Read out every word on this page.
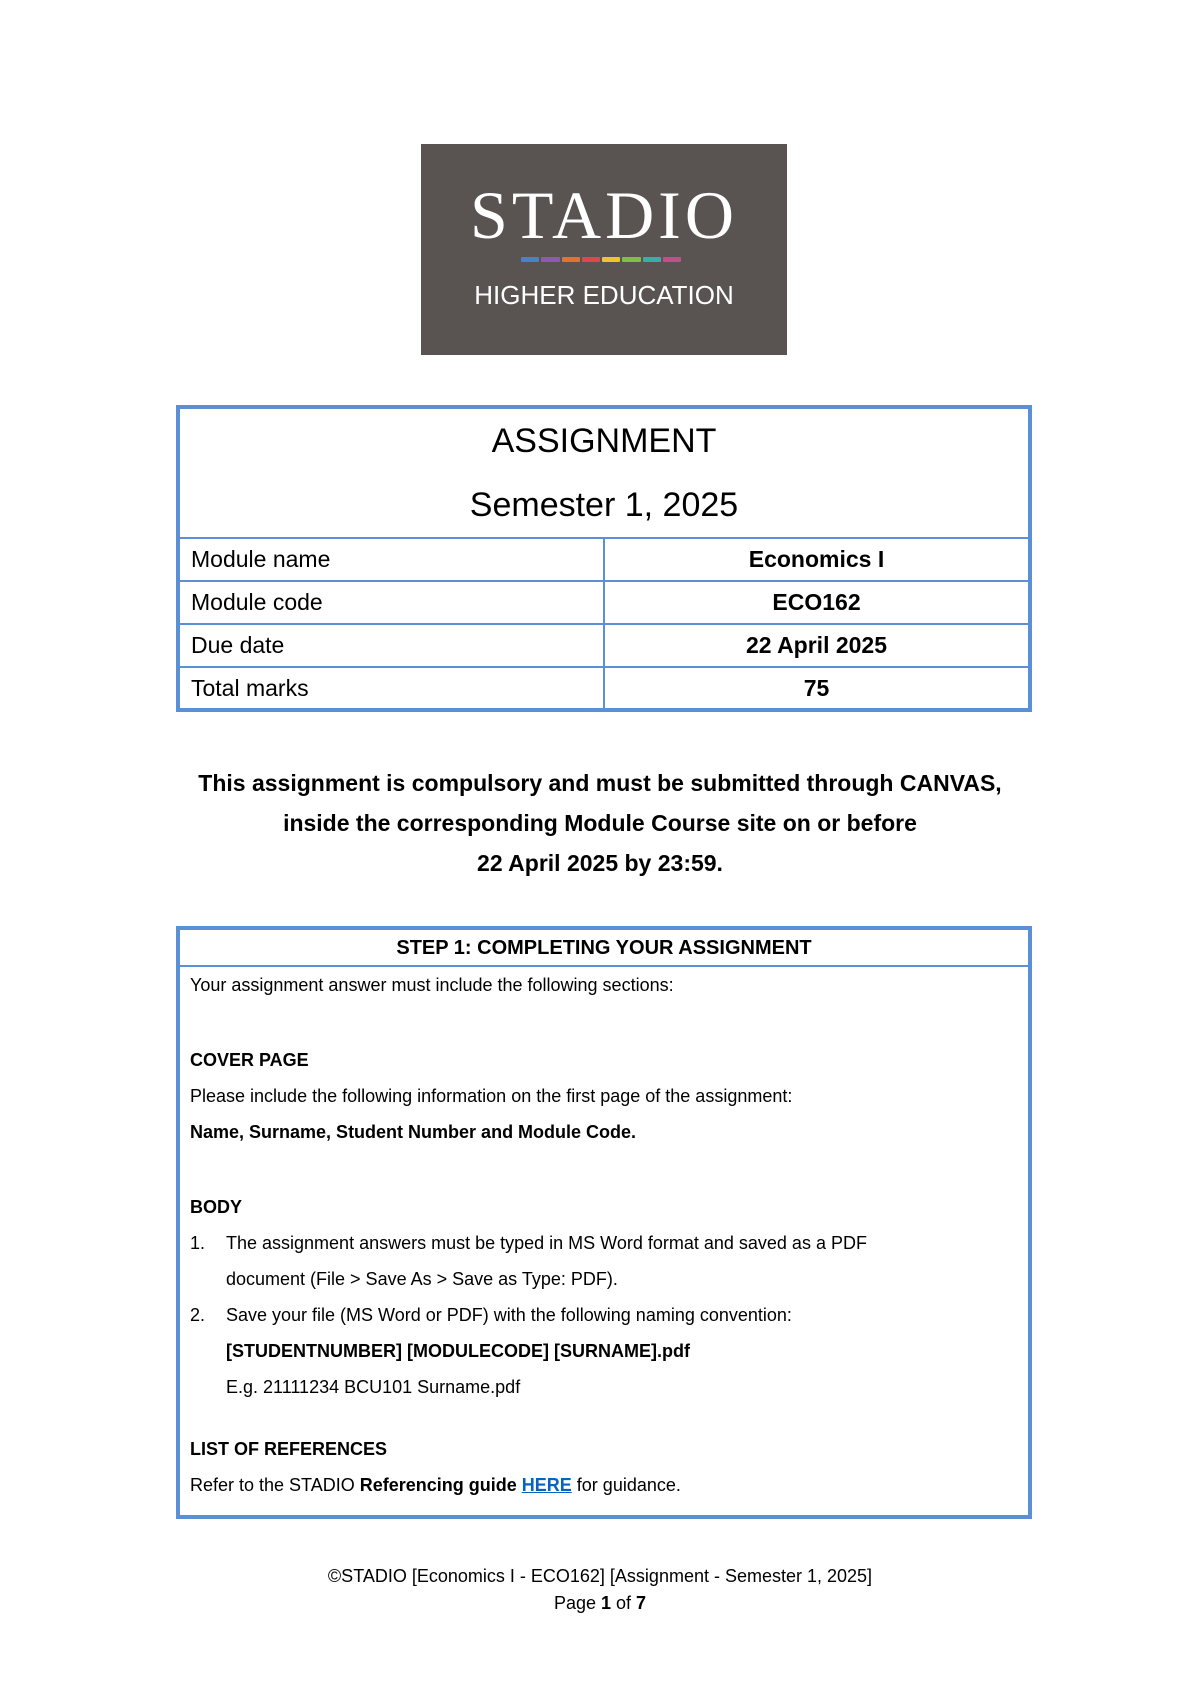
STADIO
HIGHER EDUCATION
ASSIGNMENT
Semester 1, 2025	

Module name	Economics I
Module code	ECO162
Due date	22 April 2025
Total marks	75
This assignment is compulsory and must be submitted through CANVAS,
inside the corresponding Module Course site on or before
22 April 2025 by 23:59.
STEP 1: COMPLETING YOUR ASSIGNMENT
Your assignment answer must include the following sections:
COVER PAGE
Please include the following information on the first page of the assignment:
Name, Surname, Student Number and Module Code.
BODY
1.	The assignment answers must be typed in MS Word format and saved as a PDF
document (File > Save As > Save as Type: PDF).
2.	Save your file (MS Word or PDF) with the following naming convention:
[STUDENTNUMBER] [MODULECODE] [SURNAME].pdf
E.g. 21111234 BCU101 Surname.pdf
LIST OF REFERENCES
Refer to the STADIO Referencing guide HERE for guidance.
©STADIO [Economics I - ECO162] [Assignment - Semester 1, 2025]
Page 1 of 7
